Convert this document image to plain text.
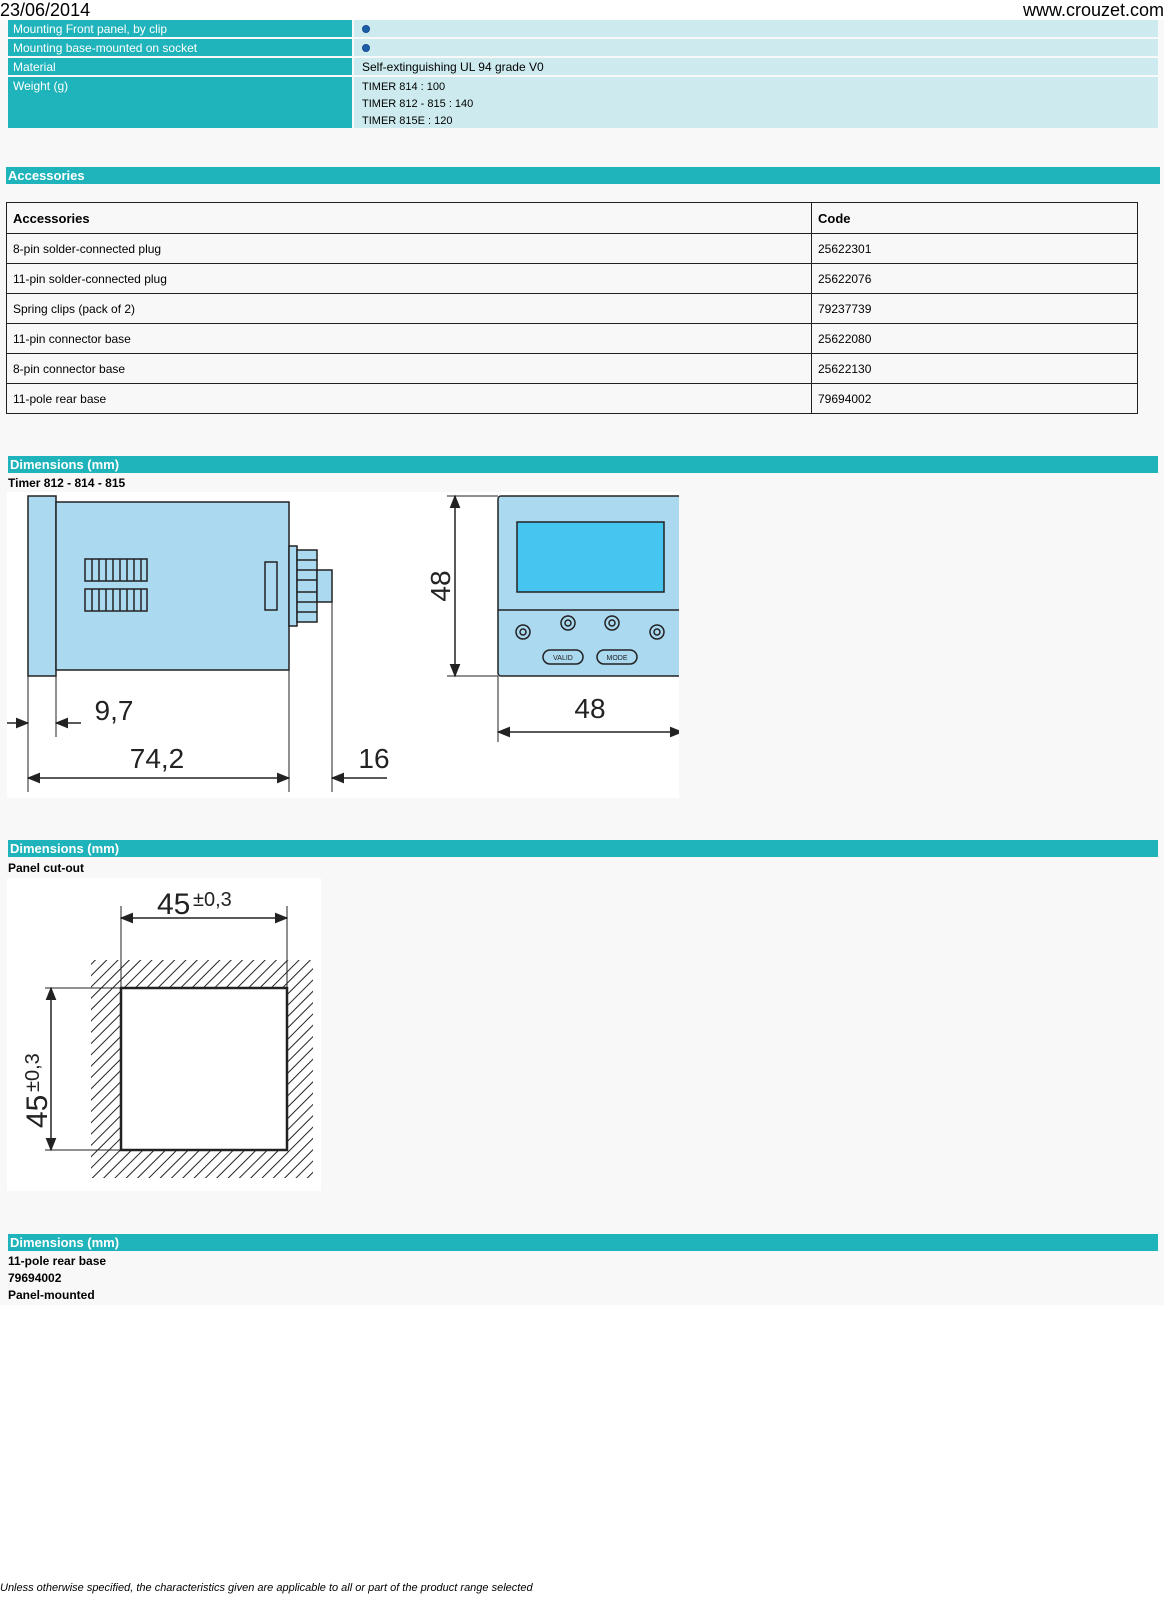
23/06/2014	www.crouzet.com
Mounting Front panel, by clip
Mounting base-mounted on socket
Material	Self-extinguishing UL 94 grade V0
Weight (g)	TIMER 814 : 100
TIMER 812 - 815 : 140
TIMER 815E : 120
Accessories
Accessories	Code
8-pin solder-connected plug	25622301
11-pin solder-connected plug	25622076
Spring clips (pack of 2)	79237739
11-pin connector base	25622080
8-pin connector base	25622130
11-pole rear base	79694002
Dimensions (mm)
Timer 812 - 814 - 815
9,7
74,2	16
VALID	MODE
48
48
Dimensions (mm)
Panel cut-out
45 ±0,3
45
±0,3
Dimensions (mm)
11-pole rear base
79694002
Panel-mounted
Unless otherwise specified, the characteristics given are applicable to all or part of the product range selected
